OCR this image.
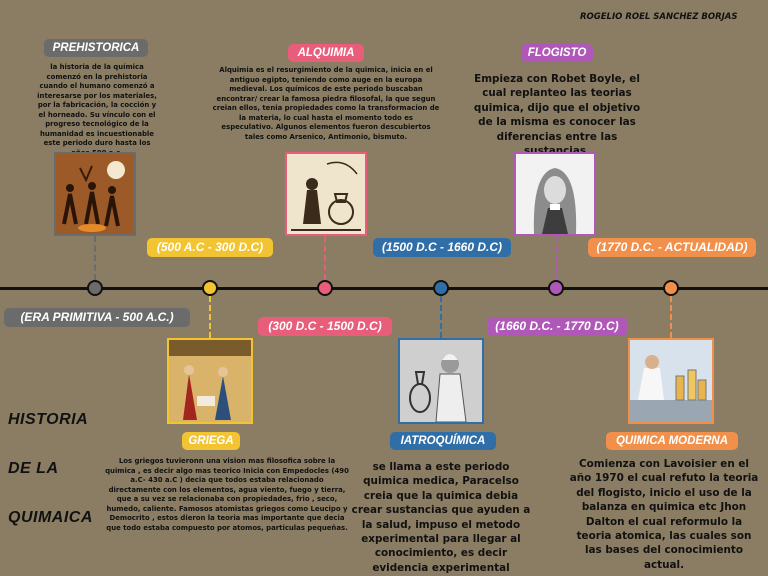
ROGELIO ROEL SANCHEZ BORJAS
(ERA PRIMITIVA - 500 A.C.)
(500 A.C - 300 D.C)
(300 D.C - 1500 D.C)
(1500 D.C - 1660 D.C)
(1660 D.C. - 1770 D.C)
(1770 D.C. - ACTUALIDAD)
PREHISTORICA
GRIEGA
ALQUIMIA
IATROQUÍMICA
FLOGISTO
QUIMICA MODERNA
la historia de la química comenzó en la prehistoria cuando el humano comenzó a interesarse por los materiales, por la fabricación, la cocción y el horneado. Su vínculo con el progreso tecnológico de la humanidad es incuestionable este periodo duro hasta los
Los griegos tuvieronn una vision mas filosofica sobre la quimica , es decir algo mas teorico Inicia con Empedocles (490 a.C- 430 a.C ) decia que todos estaba relacionado directamente con los elementos, agua viento, fuego y tierra, que a su vez se relacionaba con propiedades, frio , seco, humedo, caliente. Famosos atomistas griegos como Leucipo y Democrito , estos dieron la teoria mas importante que decia que todo estaba compuesto por atomos, particulas pequeñas.
Alquimia es el resurgimiento de la quimica, inicia en el antiguo egipto, teniendo como auge en la europa medieval. Los químicos de este periodo buscaban encontrar/ crear la famosa piedra filosofal, la que segun creian ellos, tenia propiedades como la transformacion de la materia, lo cual hasta el momento todo es especulativo. Algunos elementos fueron descubiertos tales como Arsenico, Antimonio, bismuto.
se llama a este periodo quimica medica, Paracelso creia que la quimica debia crear sustancias que ayuden a la salud, impuso el metodo experimental para llegar al conocimiento, es decir evidencia experimental
Empieza con Robet Boyle, el cual replanteo las teorias quimica, dijo que el objetivo de la misma es conocer las diferencias entre las
Comienza con Lavoisier en el año 1970 el cual refuto la teoria del flogisto, inicio el uso de la balanza en quimica etc Jhon Dalton el cual reformulo la teoria atomica, las cuales son las bases del conocimiento actual.
HISTORIA
DE LA
QUIMAICA
